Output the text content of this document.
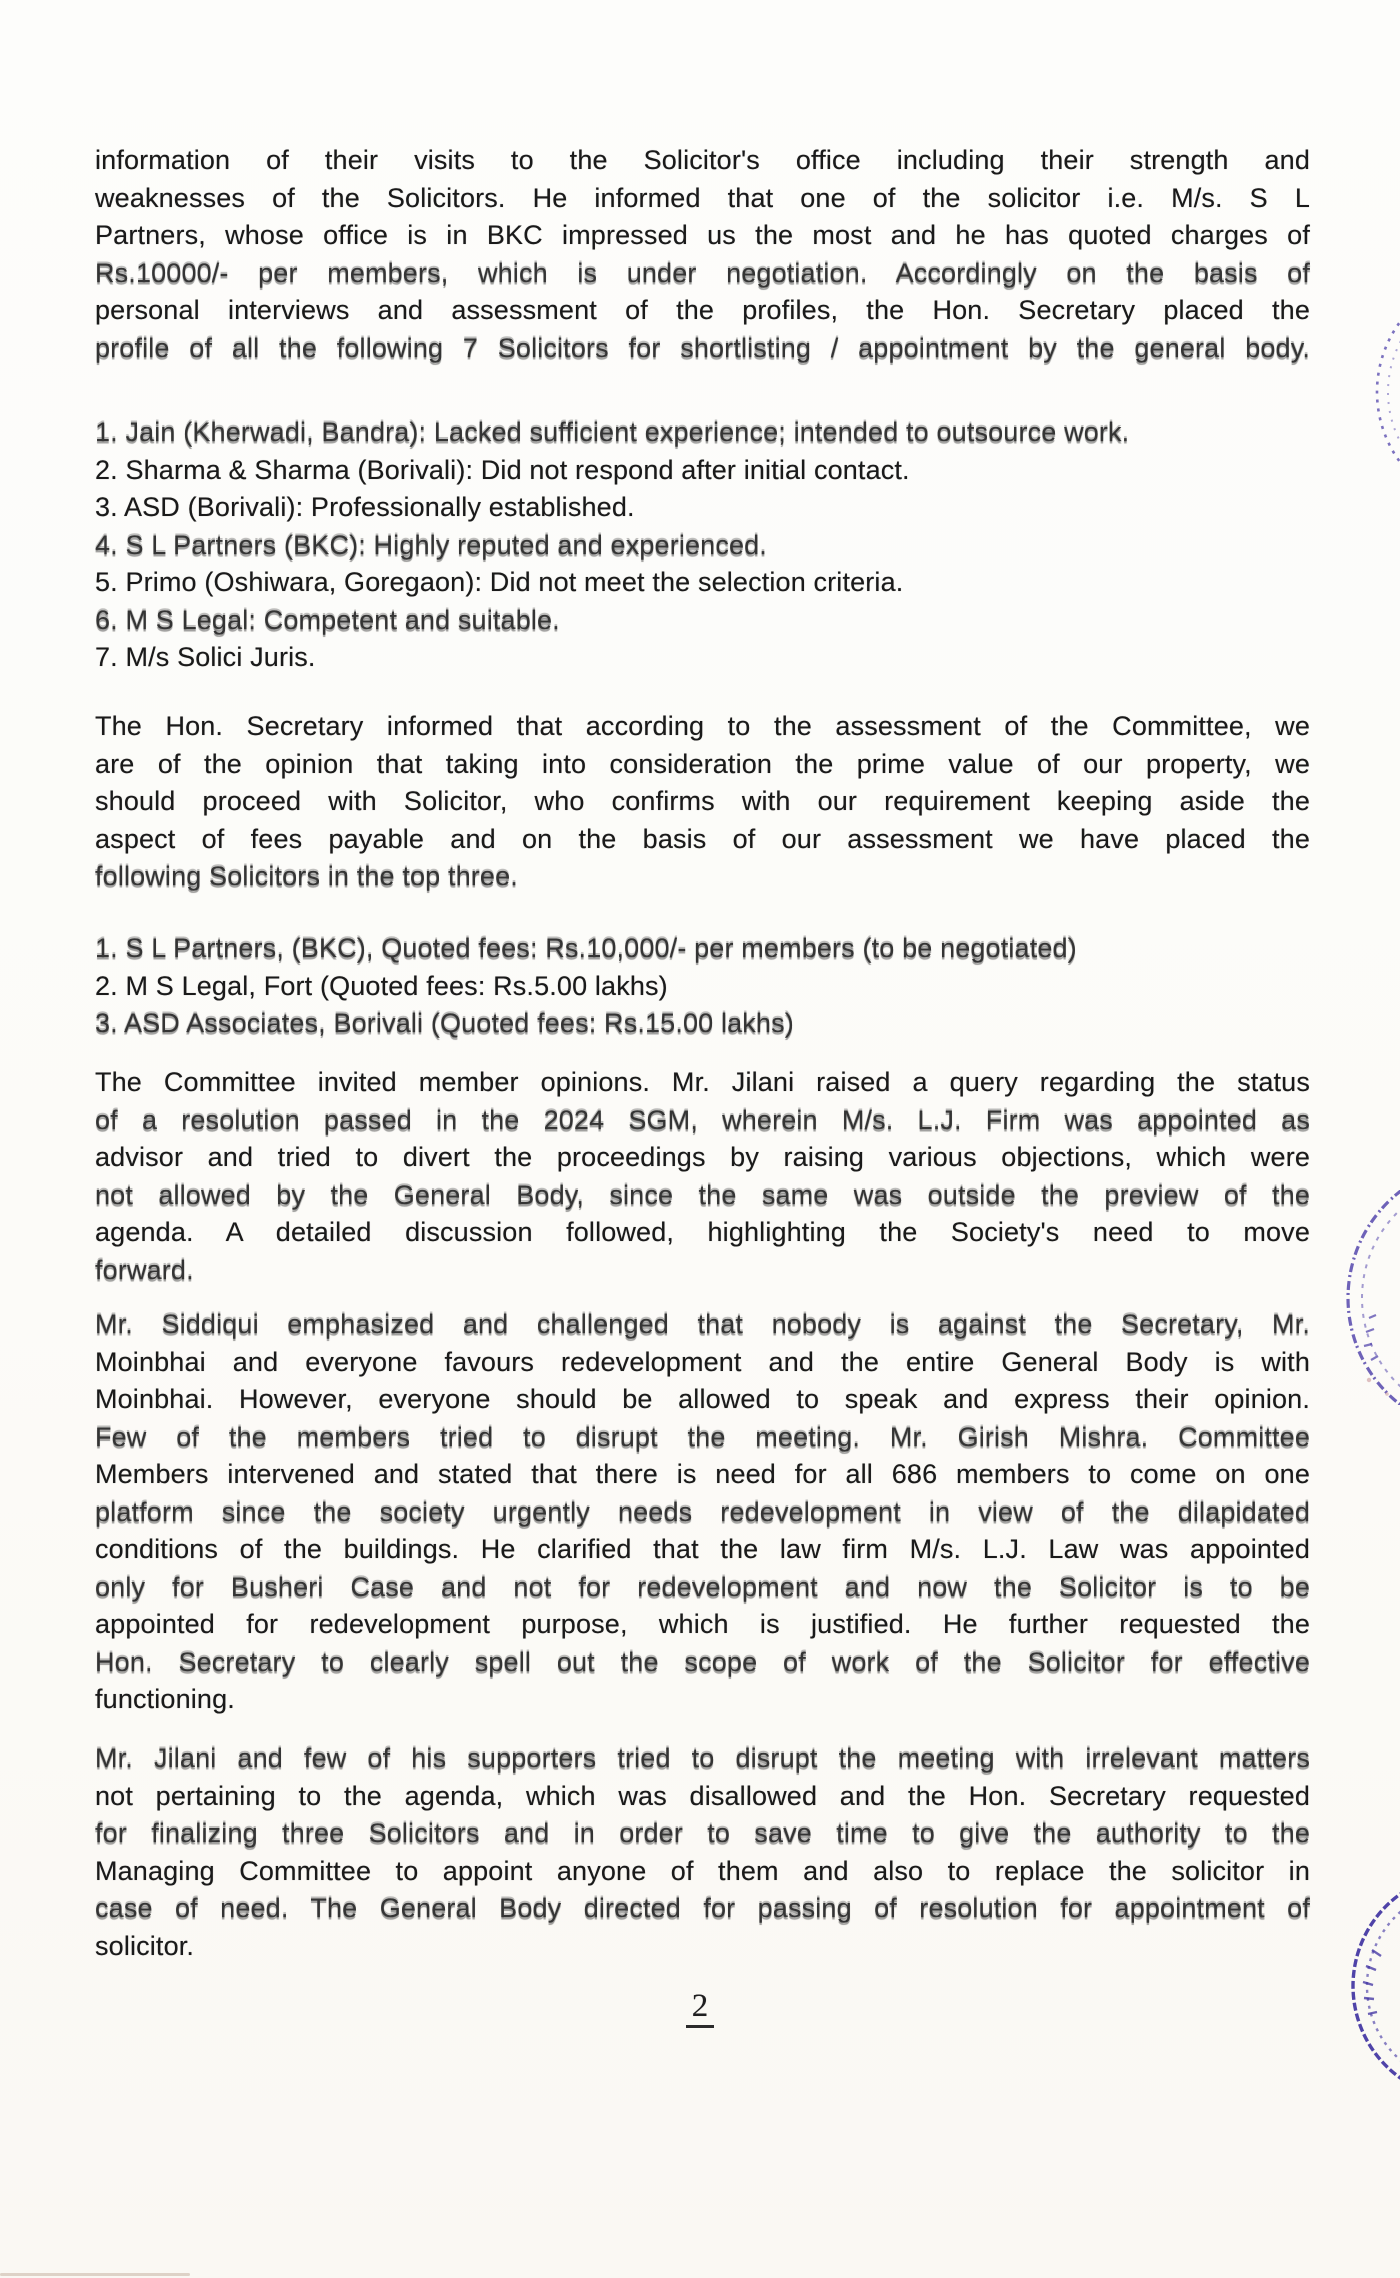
information of their visits to the Solicitor's office including their strength and
weaknesses of the Solicitors. He informed that one of the solicitor i.e. M/s. S L
Partners, whose office is in BKC impressed us the most and he has quoted charges of
Rs.10000/- per members, which is under negotiation. Accordingly on the basis of
personal interviews and assessment of the profiles, the Hon. Secretary placed the
profile of all the following 7 Solicitors for shortlisting / appointment by the general body.
1. Jain (Kherwadi, Bandra): Lacked sufficient experience; intended to outsource work.
2. Sharma & Sharma (Borivali): Did not respond after initial contact.
3. ASD (Borivali): Professionally established.
4. S L Partners (BKC): Highly reputed and experienced.
5. Primo (Oshiwara, Goregaon): Did not meet the selection criteria.
6. M S Legal: Competent and suitable.
7. M/s Solici Juris.
The Hon. Secretary informed that according to the assessment of the Committee, we
are of the opinion that taking into consideration the prime value of our property, we
should proceed with Solicitor, who confirms with our requirement keeping aside the
aspect of fees payable and on the basis of our assessment we have placed the
following Solicitors in the top three.
1. S L Partners, (BKC), Quoted fees: Rs.10,000/- per members (to be negotiated)
2. M S Legal, Fort (Quoted fees: Rs.5.00 lakhs)
3. ASD Associates, Borivali (Quoted fees: Rs.15.00 lakhs)
The Committee invited member opinions. Mr. Jilani raised a query regarding the status
of a resolution passed in the 2024 SGM, wherein M/s. L.J. Firm was appointed as
advisor and tried to divert the proceedings by raising various objections, which were
not allowed by the General Body, since the same was outside the preview of the
agenda. A detailed discussion followed, highlighting the Society's need to move
forward.
Mr. Siddiqui emphasized and challenged that nobody is against the Secretary, Mr.
Moinbhai and everyone favours redevelopment and the entire General Body is with
Moinbhai. However, everyone should be allowed to speak and express their opinion.
Few of the members tried to disrupt the meeting. Mr. Girish Mishra. Committee
Members intervened and stated that there is need for all 686 members to come on one
platform since the society urgently needs redevelopment in view of the dilapidated
conditions of the buildings. He clarified that the law firm M/s. L.J. Law was appointed
only for Busheri Case and not for redevelopment and now the Solicitor is to be
appointed for redevelopment purpose, which is justified. He further requested the
Hon. Secretary to clearly spell out the scope of work of the Solicitor for effective
functioning.
Mr. Jilani and few of his supporters tried to disrupt the meeting with irrelevant matters
not pertaining to the agenda, which was disallowed and the Hon. Secretary requested
for finalizing three Solicitors and in order to save time to give the authority to the
Managing Committee to appoint anyone of them and also to replace the solicitor in
case of need. The General Body directed for passing of resolution for appointment of
solicitor.
2
